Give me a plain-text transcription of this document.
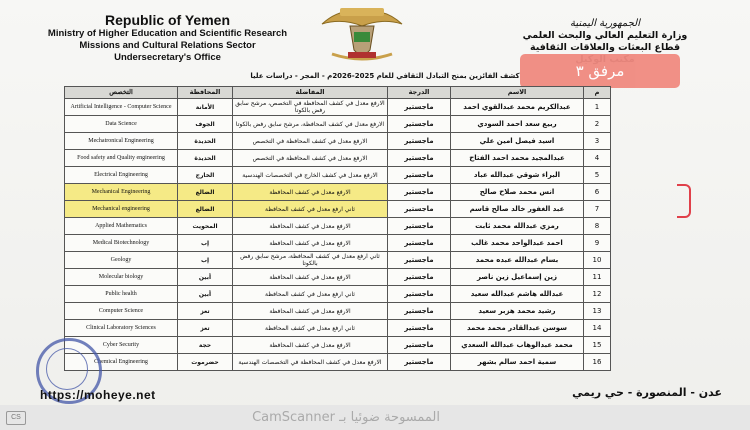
Republic of Yemen
Ministry of Higher Education and Scientific Research
Missions and Cultural Relations Sector
Undersecretary's Office
الجمهورية اليمنية
وزارة التعليم العالي والبحث العلمي
قطاع البعثات والعلاقات الثقافية
مرفق ٣
كشف الفائزين بمنح التبادل الثقافي للعام 2025-2026م - المجر - دراسات عليا
التخصص	المحافظة	المفاضلة	الدرجة	الاسم	م
Artificial Intelligence - Computer Science	الأمانة	الارفع معدل في كشف المحافظة في التخصص، مرشح سابق رفض بالكوتا	ماجستير	عبدالكريم محمد عبدالقوي احمد	1
Data Science	الجوف	الارفع معدل في كشف المحافظة، مرشح سابق رفض بالكوتا	ماجستير	ربيع سعد احمد السودي	2
Mechatronical Engineering	الحديدة	الارفع معدل في كشف المحافظة في التخصص	ماجستير	اسيد فيصل امين علي	3
Food safety and Quality engineering	الحديدة	الارفع معدل في كشف المحافظة في التخصص	ماجستير	عبدالمجيد محمد احمد الفتاح	4
Electrical Engineering	الخارج	الارفع معدل في كشف الخارج في التخصصات الهندسية	ماجستير	البراء شوقي عبدالله عباد	5
Mechanical Engineering	الضالع	الارفع معدل في كشف المحافظة	ماجستير	انس محمد صلاح صالح	6
Mechanical engineering	الضالع	ثاني ارفع معدل في كشف المحافظة	ماجستير	عبد الغفور خالد صالح قاسم	7
Applied Mathematics	المحويت	الارفع معدل في كشف المحافظة	ماجستير	رمزي عبدالله محمد ثابت	8
Medical Biotechnology	إب	الارفع معدل في كشف المحافظة	ماجستير	احمد عبدالواحد محمد غالب	9
Geology	إب	ثاني ارفع معدل في كشف المحافظة، مرشح سابق رفض بالكوتا	ماجستير	بسام عبدالله عبده محمد	10
Molecular biology	أبين	الارفع معدل في كشف المحافظة	ماجستير	زين إسماعيل زين ناصر	11
Public health	أبين	ثاني ارفع معدل في كشف المحافظة	ماجستير	عبدالله هاشم عبدالله سعيد	12
Computer Science	تعز	الارفع معدل في كشف المحافظة	ماجستير	رشيد محمد هزبر سعيد	13
Clinical Laboratory Sciences	تعز	ثاني ارفع معدل في كشف المحافظة	ماجستير	سوسن عبدالقادر محمد محمد	14
Cyber Security	حجة	الارفع معدل في كشف المحافظة	ماجستير	محمد عبدالوهاب عبدالله السعدي	15
Chemical Engineering	حضرموت	الارفع معدل في كشف المحافظة في التخصصات الهندسية	ماجستير	سمية احمد سالم بشهر	16
https://moheye.net	عدن - المنصورة - حي ريمي
CS	الممسوحة ضوئيا بـ CamScanner
